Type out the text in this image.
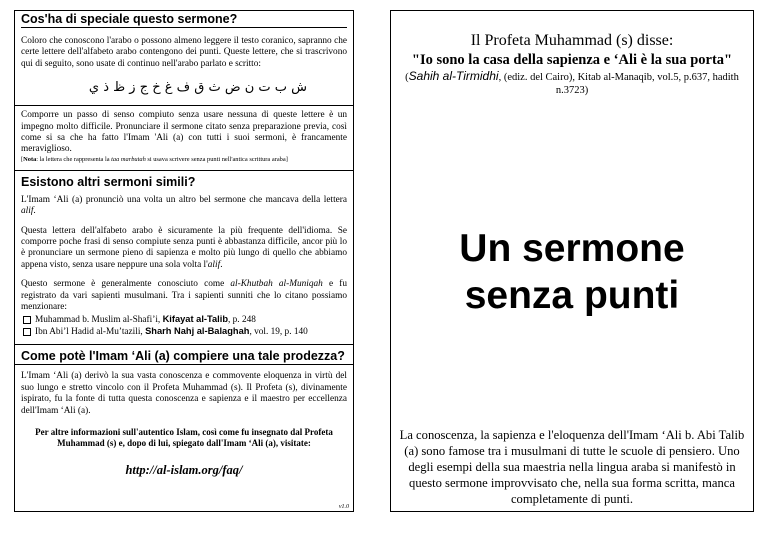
Cos'ha di speciale questo sermone?

Coloro che conoscono l'arabo o possono almeno leggere il testo coranico, sapranno che certe lettere dell'alfabeto arabo contengono dei punti. Queste lettere, che si trascrivono qui di seguito, sono usate di continuo nell'arabo parlato e scritto:

ش ب ت ن ض ث ق ف غ خ ج ز ظ ذ ي

Comporre un passo di senso compiuto senza usare nessuna di queste lettere è un impegno molto difficile. Pronunciare il sermone citato senza preparazione previa, così come si sa che ha fatto l'Imam 'Ali (a) con tutti i suoi sermoni, è francamente meraviglioso.

[Nota: la lettera che rappresenta la taa marbutah si usava scrivere senza punti nell'antica scrittura araba]

Esistono altri sermoni simili?

L'Imam ‘Ali (a) pronunciò una volta un altro bel sermone che mancava della lettera alif.

Questa lettera dell'alfabeto arabo è sicuramente la più frequente dell'idioma. Se comporre poche frasi di senso compiute senza punti è abbastanza difficile, ancor più lo è pronunciare un sermone pieno di sapienza e molto più lungo di quello che abbiamo appena visto, senza usare neppure una sola volta l'alif.

Questo sermone è generalmente conosciuto come al-Khutbah al-Muniqah e fu registrato da vari sapienti musulmani. Tra i sapienti sunniti che lo citano possiamo menzionare:

Muhammad b. Muslim al-Shafi’i, Kifayat al-Talib, p. 248
Ibn Abi’l Hadid al-Mu’tazili, Sharh Nahj al-Balaghah, vol. 19, p. 140
Come potè l'Imam ‘Ali (a) compiere una tale prodezza?

L'Imam ‘Ali (a) derivò la sua vasta conoscenza e commovente eloquenza in virtù del suo lungo e stretto vincolo con il Profeta Muhammad (s). Il Profeta (s), divinamente ispirato, fu la fonte di tutta questa conoscenza e sapienza e il maestro per eccellenza dell'Imam ‘Ali (a).

Per altre informazioni sull'autentico Islam, così come fu insegnato dal Profeta Muhammad (s) e, dopo di lui, spiegato dall'Imam ‘Ali (a), visitate:

http://al-islam.org/faq/

v1.0

Il Profeta Muhammad (s) disse:

"Io sono la casa della sapienza e ‘Ali è la sua porta"

(Sahih al-Tirmidhi, (ediz. del Cairo), Kitab al-Manaqib, vol.5, p.637, hadith n.3723)

Un sermone

senza punti

La conoscenza, la sapienza e l'eloquenza dell'Imam ‘Ali b. Abi Talib (a) sono famose tra i musulmani di tutte le scuole di pensiero. Uno degli esempi della sua maestria nella lingua araba si manifestò in questo sermone improvvisato che, nella sua forma scritta, manca completamente di punti.
